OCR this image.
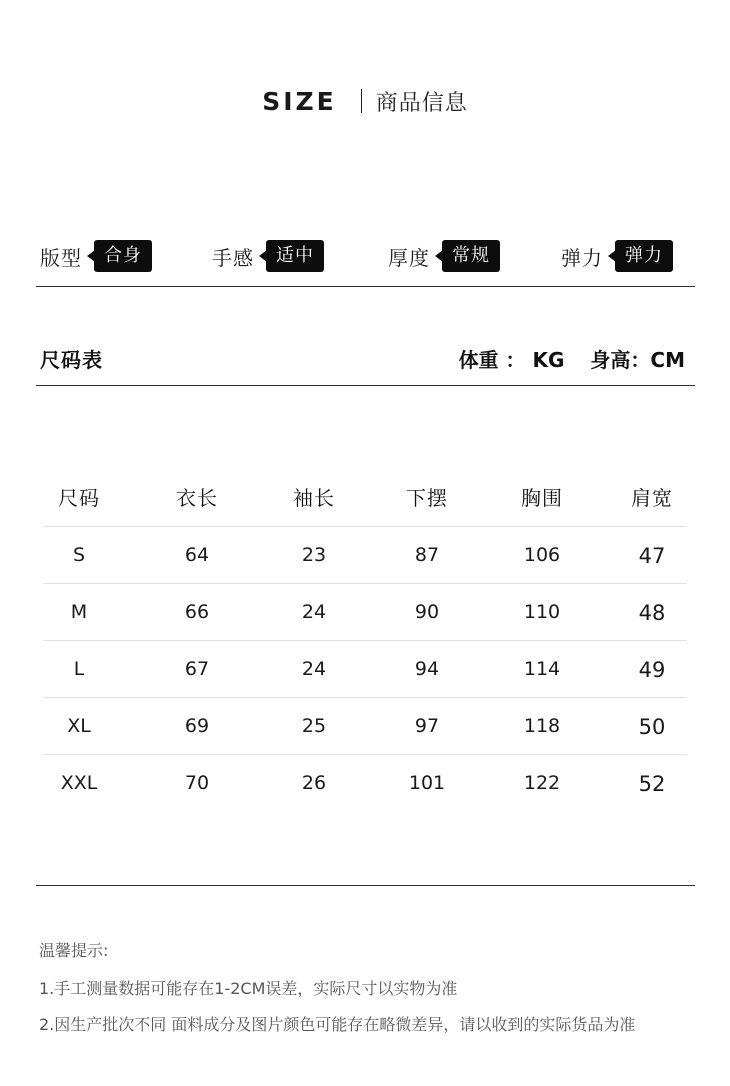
SIZE 商品信息
版型	合身	手感	适中	厚度	常规	弹力	弹力
尺码表	体重 ： KG 身高：CM
尺码	衣长	袖长	下摆	胸围	肩宽
S	64	23	87	106	47
M	66	24	90	110	48
L	67	24	94	114	49
XL	69	25	97	118	50
XXL	70	26	101	122	52
温馨提示:
1.手工测量数据可能存在1-2CM误差，实际尺寸以实物为准
2.因生产批次不同 面料成分及图片颜色可能存在略微差异，请以收到的实际货品为准
